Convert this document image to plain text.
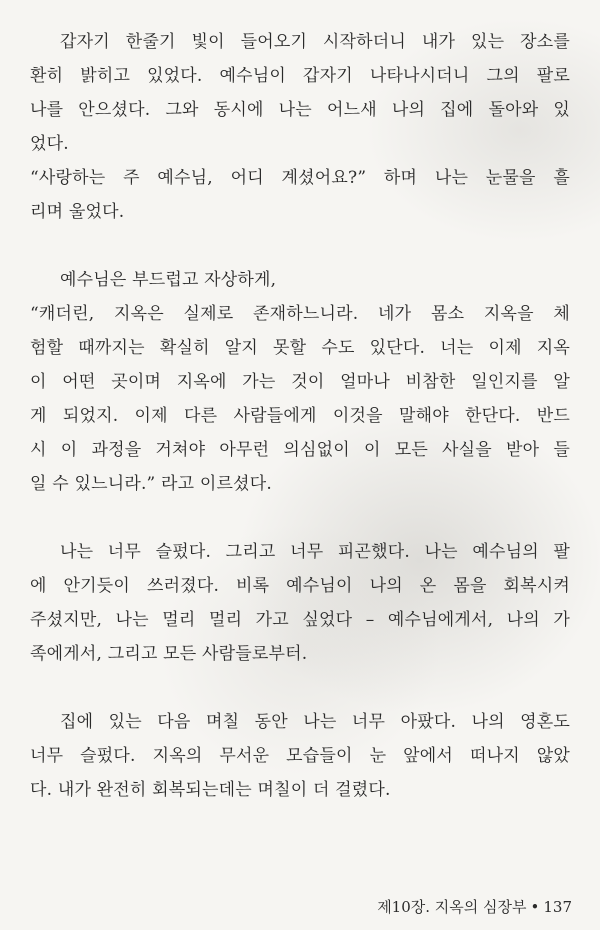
갑자기 한줄기 빛이 들어오기 시작하더니 내가 있는 장소를
환히 밝히고 있었다. 예수님이 갑자기 나타나시더니 그의 팔로
나를 안으셨다. 그와 동시에 나는 어느새 나의 집에 돌아와 있
었다.
“사랑하는 주 예수님, 어디 계셨어요?” 하며 나는 눈물을 흘
리며 울었다.
예수님은 부드럽고 자상하게,
“캐더린, 지옥은 실제로 존재하느니라. 네가 몸소 지옥을 체
험할 때까지는 확실히 알지 못할 수도 있단다. 너는 이제 지옥
이 어떤 곳이며 지옥에 가는 것이 얼마나 비참한 일인지를 알
게 되었지. 이제 다른 사람들에게 이것을 말해야 한단다. 반드
시 이 과정을 거쳐야 아무런 의심없이 이 모든 사실을 받아 들
일 수 있느니라.” 라고 이르셨다.
나는 너무 슬펐다. 그리고 너무 피곤했다. 나는 예수님의 팔
에 안기듯이 쓰러졌다. 비록 예수님이 나의 온 몸을 회복시켜
주셨지만, 나는 멀리 멀리 가고 싶었다 – 예수님에게서, 나의 가
족에게서, 그리고 모든 사람들로부터.
집에 있는 다음 며칠 동안 나는 너무 아팠다. 나의 영혼도
너무 슬펐다. 지옥의 무서운 모습들이 눈 앞에서 떠나지 않았
다. 내가 완전히 회복되는데는 며칠이 더 걸렸다.
제10장. 지옥의 심장부 • 137
